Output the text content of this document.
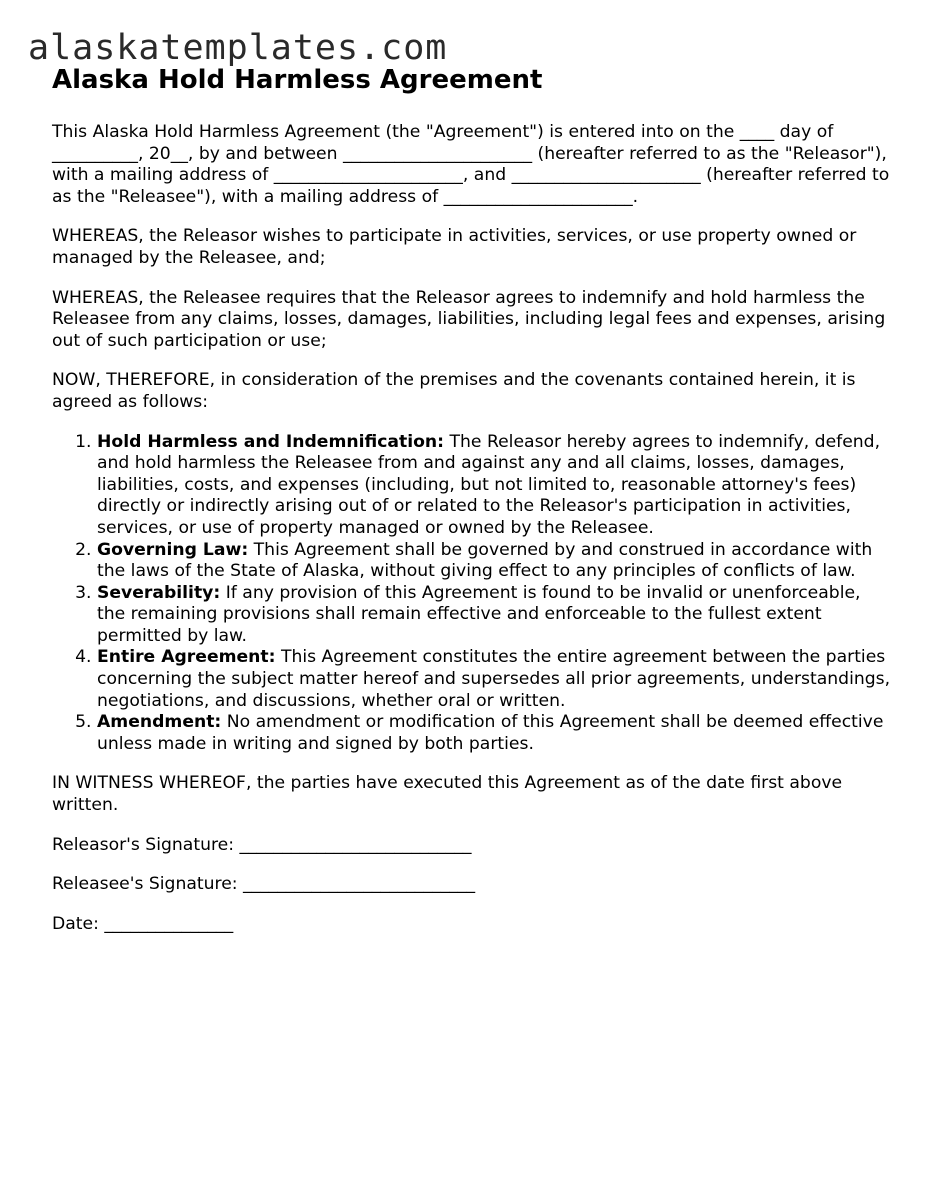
alaskatemplates.com
Alaska Hold Harmless Agreement

This Alaska Hold Harmless Agreement (the "Agreement") is entered into on the ____ day of __________, 20__, by and between ______________________ (hereafter referred to as the "Releasor"), with a mailing address of ______________________, and ______________________ (hereafter referred to as the "Releasee"), with a mailing address of ______________________.

WHEREAS, the Releasor wishes to participate in activities, services, or use property owned or managed by the Releasee, and;

WHEREAS, the Releasee requires that the Releasor agrees to indemnify and hold harmless the Releasee from any claims, losses, damages, liabilities, including legal fees and expenses, arising out of such participation or use;

NOW, THEREFORE, in consideration of the premises and the covenants contained herein, it is agreed as follows:

1. Hold Harmless and Indemnification: The Releasor hereby agrees to indemnify, defend, and hold harmless the Releasee from and against any and all claims, losses, damages, liabilities, costs, and expenses (including, but not limited to, reasonable attorney's fees) directly or indirectly arising out of or related to the Releasor's participation in activities, services, or use of property managed or owned by the Releasee.
2. Governing Law: This Agreement shall be governed by and construed in accordance with the laws of the State of Alaska, without giving effect to any principles of conflicts of law.
3. Severability: If any provision of this Agreement is found to be invalid or unenforceable, the remaining provisions shall remain effective and enforceable to the fullest extent permitted by law.
4. Entire Agreement: This Agreement constitutes the entire agreement between the parties concerning the subject matter hereof and supersedes all prior agreements, understandings, negotiations, and discussions, whether oral or written.
5. Amendment: No amendment or modification of this Agreement shall be deemed effective unless made in writing and signed by both parties.

IN WITNESS WHEREOF, the parties have executed this Agreement as of the date first above written.

Releasor's Signature: ___________________________

Releasee's Signature: ___________________________

Date: _______________
